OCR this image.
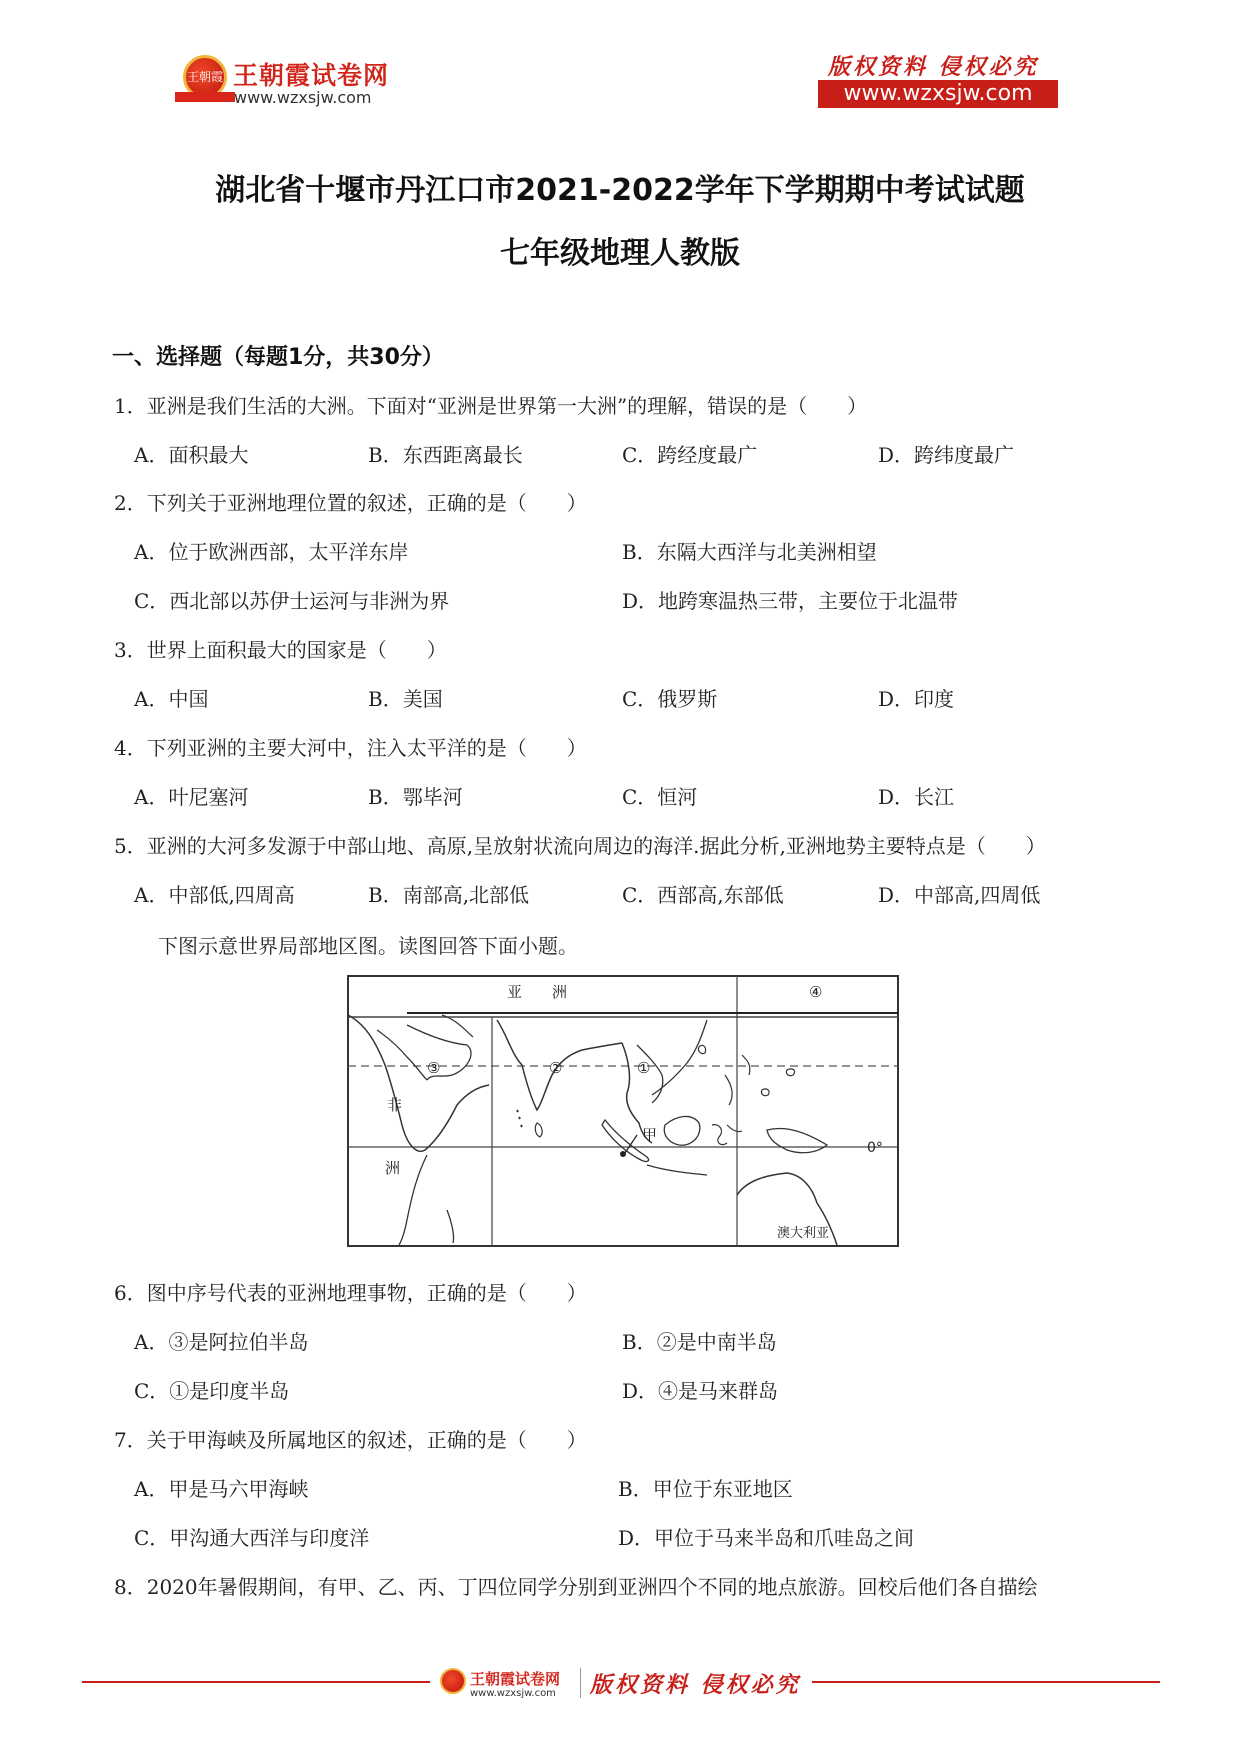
王朝霞 王朝霞试卷网
www.wzxsjw.com
版权资料 侵权必究
www.wzxsjw.com
湖北省十堰市丹江口市2021-2022学年下学期期中考试试题
七年级地理人教版
一、选择题（每题1分，共30分）
1．亚洲是我们生活的大洲。下面对“亚洲是世界第一大洲”的理解，错误的是（　　）
A．面积最大	B．东西距离最长	C．跨经度最广	D．跨纬度最广
2．下列关于亚洲地理位置的叙述，正确的是（　　）
A．位于欧洲西部，太平洋东岸	B．东隔大西洋与北美洲相望
C．西北部以苏伊士运河与非洲为界	D．地跨寒温热三带，主要位于北温带
3．世界上面积最大的国家是（　　）
A．中国	B．美国	C．俄罗斯	D．印度
4．下列亚洲的主要大河中，注入太平洋的是（　　）
A．叶尼塞河	B．鄂毕河	C．恒河	D．长江
5．亚洲的大河多发源于中部山地、高原,呈放射状流向周边的海洋.据此分析,亚洲地势主要特点是（　　）
A．中部低,四周高	B．南部高,北部低	C．西部高,东部低	D．中部高,四周低
下图示意世界局部地区图。读图回答下面小题。
亚 洲
非
洲
③	②	①
④
甲
0°
澳大利亚
6．图中序号代表的亚洲地理事物，正确的是（　　）
A．③是阿拉伯半岛	B．②是中南半岛
C．①是印度半岛	D．④是马来群岛
7．关于甲海峡及所属地区的叙述，正确的是（　　）
A．甲是马六甲海峡	B．甲位于东亚地区
C．甲沟通大西洋与印度洋	D．甲位于马来半岛和爪哇岛之间
8．2020年暑假期间，有甲、乙、丙、丁四位同学分别到亚洲四个不同的地点旅游。回校后他们各自描绘
王朝霞试卷网
www.wzxsjw.com 版权资料 侵权必究
